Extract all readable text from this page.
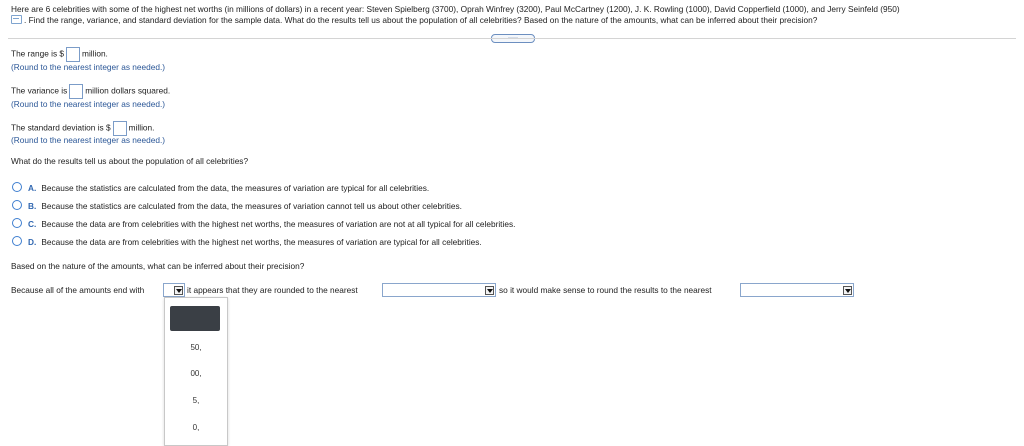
Here are 6 celebrities with some of the highest net worths (in millions of dollars) in a recent year: Steven Spielberg (3700), Oprah Winfrey (3200), Paul McCartney (1200), J. K. Rowling (1000), David Copperfield (1000), and Jerry Seinfeld (950)

. Find the range, variance, and standard deviation for the sample data. What do the results tell us about the population of all celebrities? Based on the nature of the amounts, what can be inferred about their precision?

The range is $ million.
(Round to the nearest integer as needed.)
The variance is million dollars squared.
(Round to the nearest integer as needed.)
The standard deviation is $ million.
(Round to the nearest integer as needed.)
What do the results tell us about the population of all celebrities?
A. Because the statistics are calculated from the data, the measures of variation are typical for all celebrities.
B. Because the statistics are calculated from the data, the measures of variation cannot tell us about other celebrities.
C. Because the data are from celebrities with the highest net worths, the measures of variation are not at all typical for all celebrities.
D. Because the data are from celebrities with the highest net worths, the measures of variation are typical for all celebrities.
Based on the nature of the amounts, what can be inferred about their precision?
Because all of the amounts end with	it appears that they are rounded to the nearest	so it would make sense to round the results to the nearest
50,
00,
5,
0,
